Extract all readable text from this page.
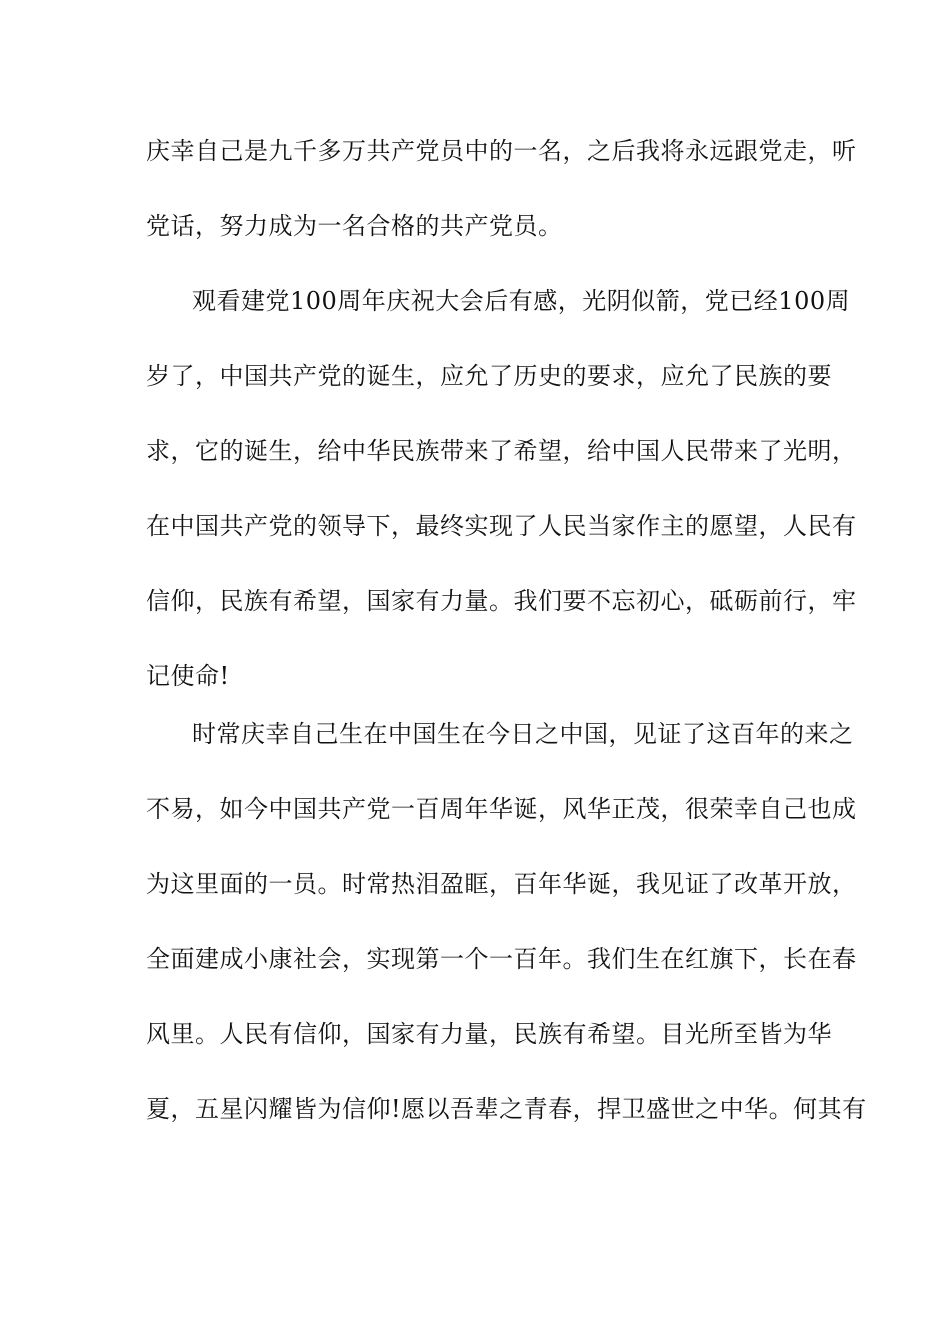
庆幸自己是九千多万共产党员中的一名，之后我将永远跟党走，听
党话，努力成为一名合格的共产党员。
观看建党100周年庆祝大会后有感，光阴似箭，党已经100周
岁了，中国共产党的诞生，应允了历史的要求，应允了民族的要
求，它的诞生，给中华民族带来了希望，给中国人民带来了光明，
在中国共产党的领导下，最终实现了人民当家作主的愿望，人民有
信仰，民族有希望，国家有力量。我们要不忘初心，砥砺前行，牢
记使命!
时常庆幸自己生在中国生在今日之中国，见证了这百年的来之
不易，如今中国共产党一百周年华诞，风华正茂，很荣幸自己也成
为这里面的一员。时常热泪盈眶，百年华诞，我见证了改革开放，
全面建成小康社会，实现第一个一百年。我们生在红旗下，长在春
风里。人民有信仰，国家有力量，民族有希望。目光所至皆为华
夏，五星闪耀皆为信仰!愿以吾辈之青春，捍卫盛世之中华。何其有
